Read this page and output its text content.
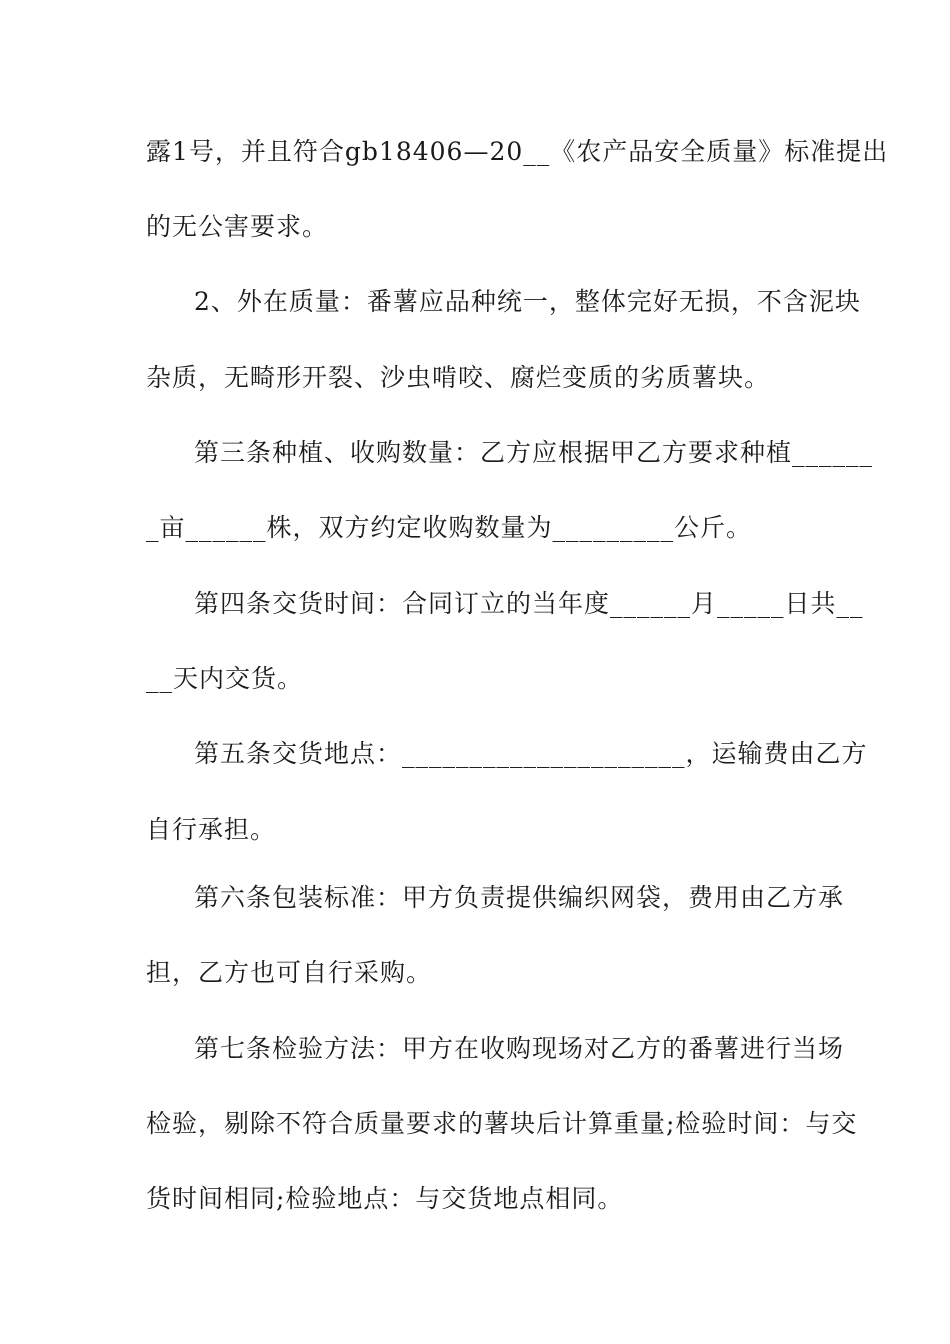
露1号，并且符合gb18406—20__《农产品安全质量》标准提出
的无公害要求。
2、外在质量：番薯应品种统一，整体完好无损，不含泥块
杂质，无畸形开裂、沙虫啃咬、腐烂变质的劣质薯块。
第三条种植、收购数量：乙方应根据甲乙方要求种植______
_亩______株，双方约定收购数量为_________公斤。
第四条交货时间：合同订立的当年度______月_____日共__
__天内交货。
第五条交货地点：_____________________，运输费由乙方
自行承担。
第六条包装标准：甲方负责提供编织网袋，费用由乙方承
担，乙方也可自行采购。
第七条检验方法：甲方在收购现场对乙方的番薯进行当场
检验，剔除不符合质量要求的薯块后计算重量;检验时间：与交
货时间相同;检验地点：与交货地点相同。
